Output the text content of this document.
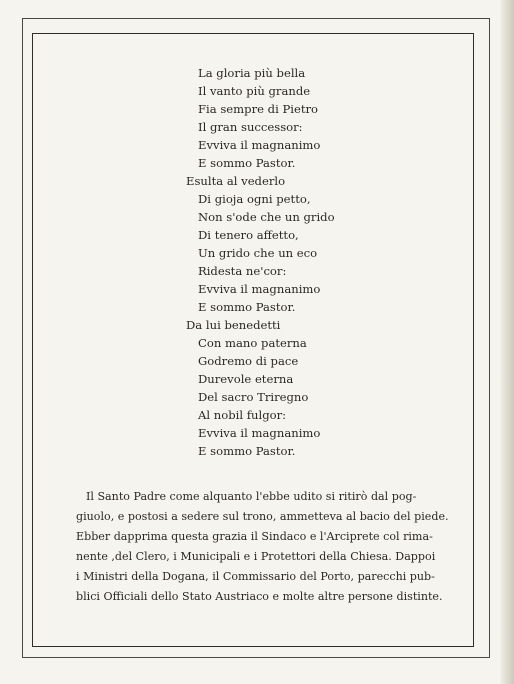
La gloria più bella
Il vanto più grande
Fia sempre di Pietro
Il gran successor:
Evviva il magnanimo
E sommo Pastor.
Esulta al vederlo
Di gioja ogni petto,
Non s'ode che un grido
Di tenero affetto,
Un grido che un eco
Ridesta ne'cor:
Evviva il magnanimo
E sommo Pastor.
Da lui benedetti
Con mano paterna
Godremo di pace
Durevole eterna
Del sacro Triregno
Al nobil fulgor:
Evviva il magnanimo
E sommo Pastor.
Il Santo Padre come alquanto l'ebbe udito si ritirò dal pog-
giuolo, e postosi a sedere sul trono, ammetteva al bacio del piede.
Ebber dapprima questa grazia il Sindaco e l'Arciprete col rima-
nente ,del Clero, i Municipali e i Protettori della Chiesa. Dappoi
i Ministri della Dogana, il Commissario del Porto, parecchi pub-
blici Officiali dello Stato Austriaco e molte altre persone distinte.
